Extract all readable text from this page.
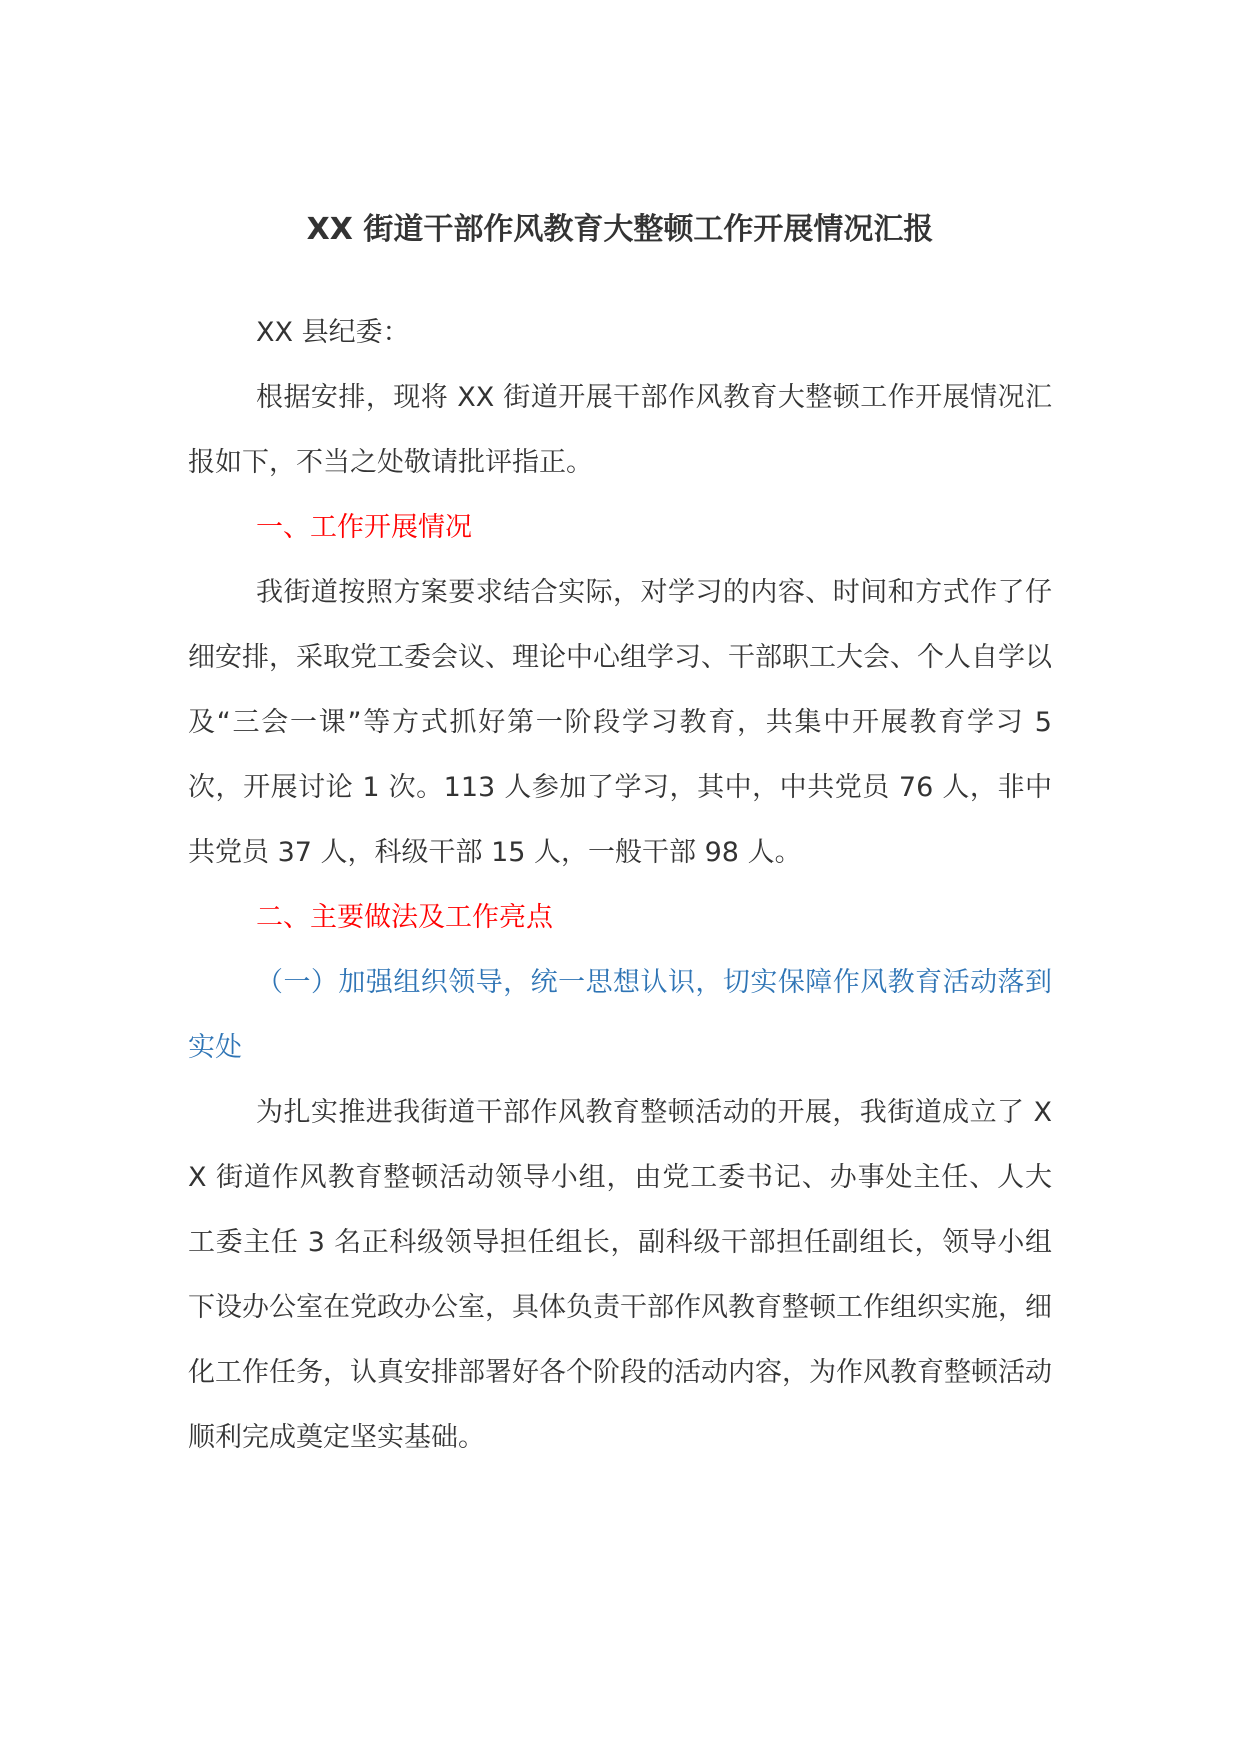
XX 街道干部作风教育大整顿工作开展情况汇报

XX 县纪委：

根据安排，现将 XX 街道开展干部作风教育大整顿工作开展情况汇报如下，不当之处敬请批评指正。

一、工作开展情况

我街道按照方案要求结合实际，对学习的内容、时间和方式作了仔细安排，采取党工委会议、理论中心组学习、干部职工大会、个人自学以及“三会一课”等方式抓好第一阶段学习教育，共集中开展教育学习 5 次，开展讨论 1 次。113 人参加了学习，其中，中共党员 76 人，非中共党员 37 人，科级干部 15 人，一般干部 98 人。

二、主要做法及工作亮点

（一）加强组织领导，统一思想认识，切实保障作风教育活动落到实处

为扎实推进我街道干部作风教育整顿活动的开展，我街道成立了 XX 街道作风教育整顿活动领导小组，由党工委书记、办事处主任、人大工委主任 3 名正科级领导担任组长，副科级干部担任副组长，领导小组下设办公室在党政办公室，具体负责干部作风教育整顿工作组织实施，细化工作任务，认真安排部署好各个阶段的活动内容，为作风教育整顿活动顺利完成奠定坚实基础。
